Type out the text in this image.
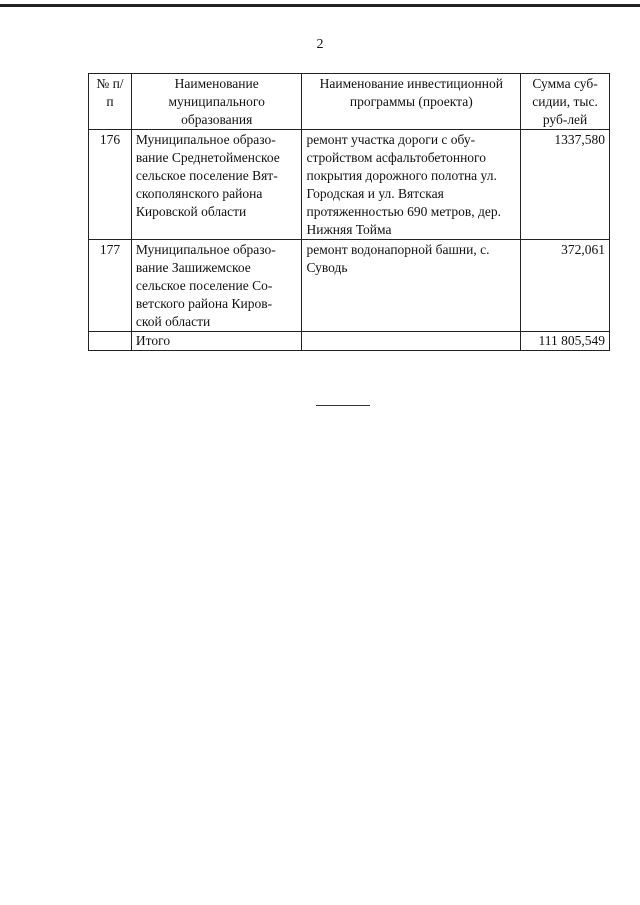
2
№ п/п	Наименование муниципального образования	Наименование инвестиционной программы (проекта)	Сумма суб-сидии, тыс. руб-лей
176	Муниципальное образо-вание Среднетойменское сельское поселение Вят-скополянского района Кировской области	ремонт участка дороги с обу-стройством асфальтобетонного покрытия дорожного полотна ул. Городская и ул. Вятская протяженностью 690 метров, дер. Нижняя Тойма	1337,580
177	Муниципальное образо-вание Зашижемское сельское поселение Со-ветского района Киров-ской области	ремонт водонапорной башни, с. Суводь	372,061
	Итого		111 805,549
